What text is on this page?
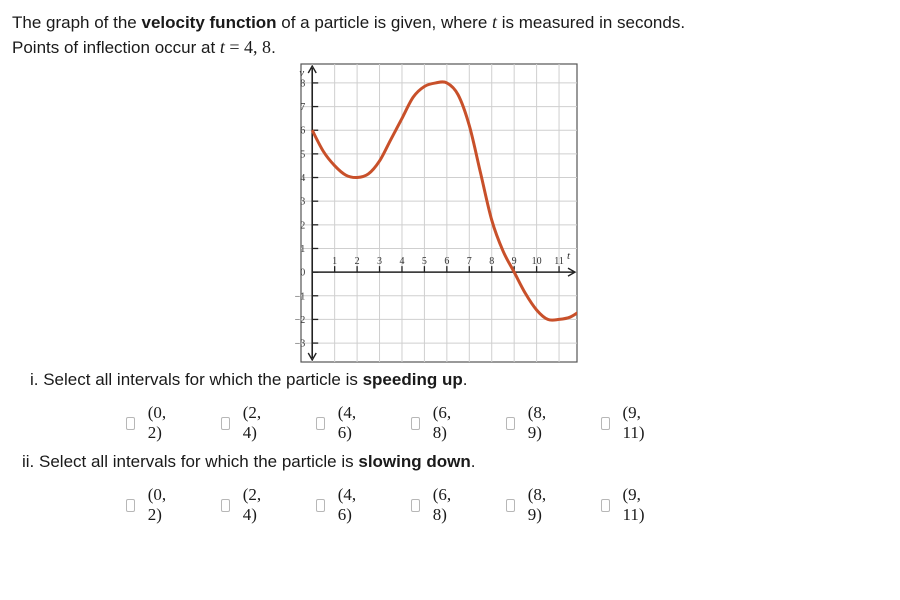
The graph of the velocity function of a particle is given, where t is measured in seconds.
Points of inflection occur at t = 4, 8.
−3
−2
−1
0
1
2
3
4
5
6
7
8
1 2 3 4 5 6 7 8 9 10 11
v
t
i. Select all intervals for which the particle is speeding up.
(0, 2)
(2, 4)
(4, 6)
(6, 8)
(8, 9)
(9, 11)
ii. Select all intervals for which the particle is slowing down.
(0, 2)
(2, 4)
(4, 6)
(6, 8)
(8, 9)
(9, 11)
